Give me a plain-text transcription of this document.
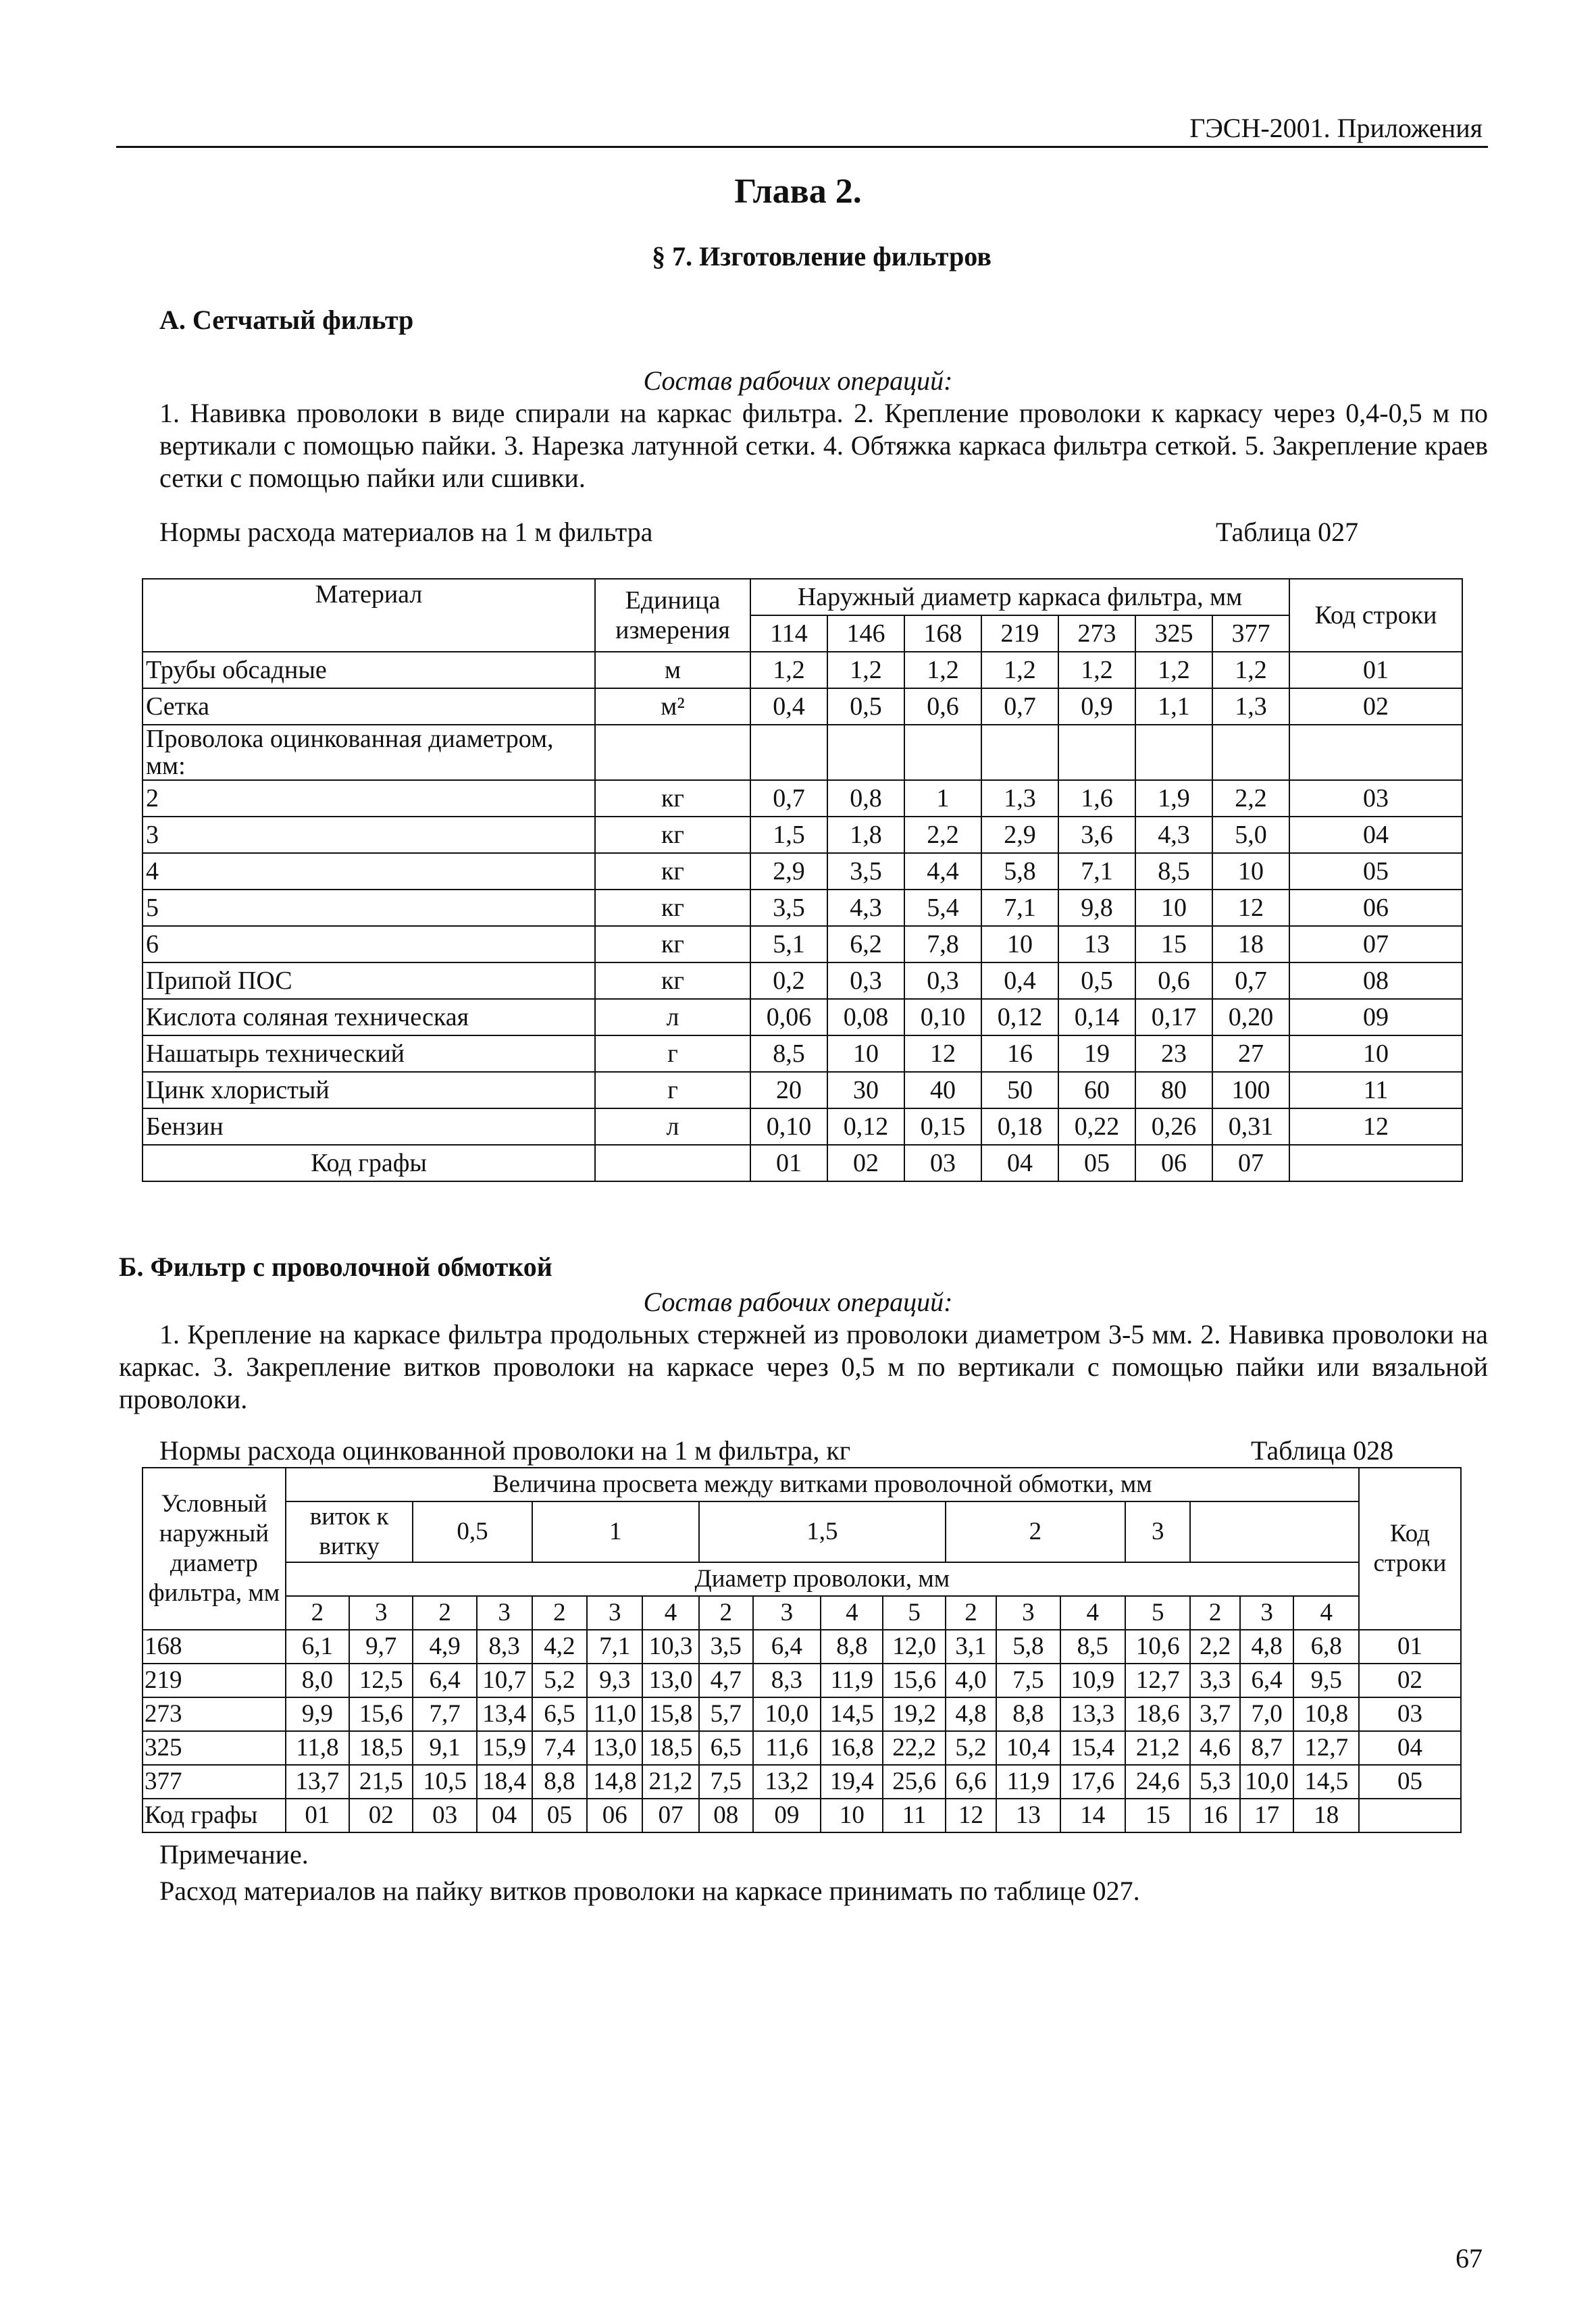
ГЭСН-2001. Приложения
Глава 2.
§ 7. Изготовление фильтров
А. Сетчатый фильтр
Состав рабочих операций:
1. Навивка проволоки в виде спирали на каркас фильтра. 2. Крепление проволоки к каркасу через 0,4-0,5 м по вертикали с помощью пайки. 3. Нарезка латунной сетки. 4. Обтяжка каркаса фильтра сеткой. 5. Закрепление краев сетки с помощью пайки или сшивки.
Нормы расхода материалов на 1 м фильтра	Таблица 027
Материал	Единица измерения	Наружный диаметр каркаса фильтра, мм							Код строки
		114	146	168	219	273	325	377	
Трубы обсадные	м	1,2	1,2	1,2	1,2	1,2	1,2	1,2	01
Сетка	м²	0,4	0,5	0,6	0,7	0,9	1,1	1,3	02
Проволока оцинкованная диаметром, мм:									
2	кг	0,7	0,8	1	1,3	1,6	1,9	2,2	03
3	кг	1,5	1,8	2,2	2,9	3,6	4,3	5,0	04
4	кг	2,9	3,5	4,4	5,8	7,1	8,5	10	05
5	кг	3,5	4,3	5,4	7,1	9,8	10	12	06
6	кг	5,1	6,2	7,8	10	13	15	18	07
Припой ПОС	кг	0,2	0,3	0,3	0,4	0,5	0,6	0,7	08
Кислота соляная техническая	л	0,06	0,08	0,10	0,12	0,14	0,17	0,20	09
Нашатырь технический	г	8,5	10	12	16	19	23	27	10
Цинк хлористый	г	20	30	40	50	60	80	100	11
Бензин	л	0,10	0,12	0,15	0,18	0,22	0,26	0,31	12
Код графы		01	02	03	04	05	06	07	
Б. Фильтр с проволочной обмоткой
Состав рабочих операций:
1. Крепление на каркасе фильтра продольных стержней из проволоки диаметром 3-5 мм. 2. Навивка проволоки на каркас. 3. Закрепление витков проволоки на каркасе через 0,5 м по вертикали с помощью пайки или вязальной проволоки.
Нормы расхода оцинкованной проволоки на 1 м фильтра, кг	Таблица 028
Условный наружный диаметр фильтра, мм	Величина просвета между витками проволочной обмотки, мм																		Код строки
	виток к витку		0,5		1			1,5				2			3				
	Диаметр проволоки, мм																		
	2	3	2	3	2	3	4	2	3	4	5	2	3	4	5	2	3	4	
168	6,1	9,7	4,9	8,3	4,2	7,1	10,3	3,5	6,4	8,8	12,0	3,1	5,8	8,5	10,6	2,2	4,8	6,8	01
219	8,0	12,5	6,4	10,7	5,2	9,3	13,0	4,7	8,3	11,9	15,6	4,0	7,5	10,9	12,7	3,3	6,4	9,5	02
273	9,9	15,6	7,7	13,4	6,5	11,0	15,8	5,7	10,0	14,5	19,2	4,8	8,8	13,3	18,6	3,7	7,0	10,8	03
325	11,8	18,5	9,1	15,9	7,4	13,0	18,5	6,5	11,6	16,8	22,2	5,2	10,4	15,4	21,2	4,6	8,7	12,7	04
377	13,7	21,5	10,5	18,4	8,8	14,8	21,2	7,5	13,2	19,4	25,6	6,6	11,9	17,6	24,6	5,3	10,0	14,5	05
Код графы	01	02	03	04	05	06	07	08	09	10	11	12	13	14	15	16	17	18	
Примечание.
Расход материалов на пайку витков проволоки на каркасе принимать по таблице 027.
67
